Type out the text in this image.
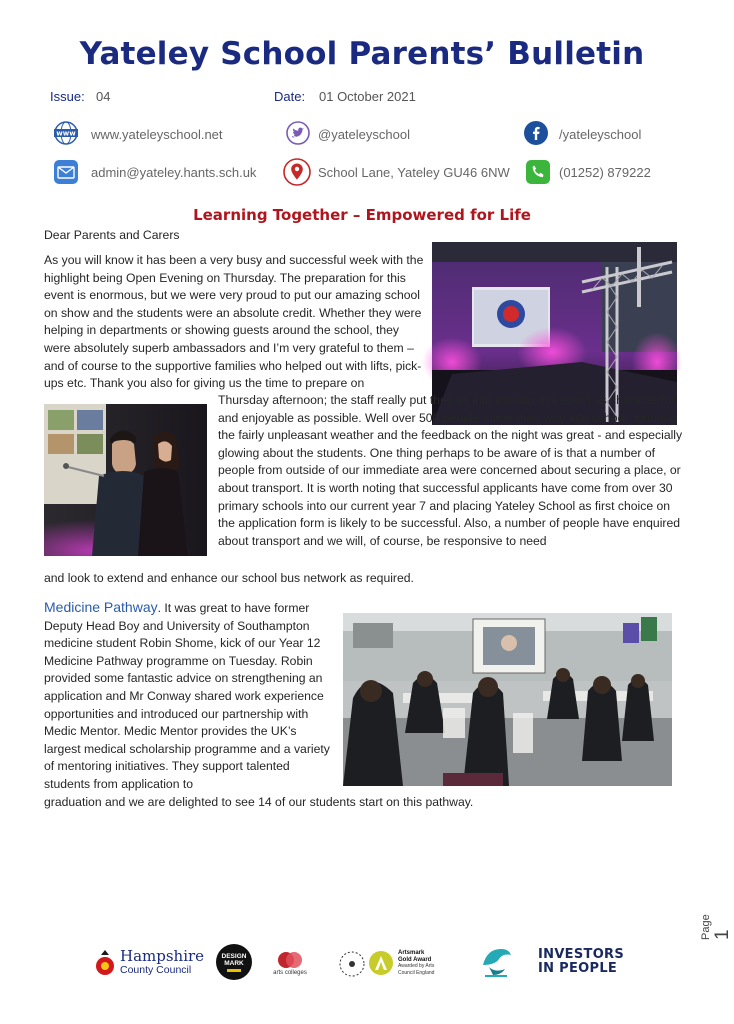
Yateley School Parents’ Bulletin
Issue: 04	Date: 01 October 2021
www www.yateleyschool.net	@yateleyschool	/yateleyschool
admin@yateley.hants.sch.uk	School Lane, Yateley GU46 6NW	(01252) 879222
Learning Together – Empowered for Life
Dear Parents and Carers

As you will know it has been a very busy and successful week with the highlight being Open Evening on Thursday. The preparation for this event is enormous, but we were very proud to put our amazing school on show and the students were an absolute credit. Whether they were helping in departments or showing guests around the school, they were absolutely superb ambassadors and I’m very grateful to them – and of course to the supportive families who helped out with lifts, pick-ups etc. Thank you also for giving us the time to prepare on

Thursday afternoon; the staff really put their all into making this event as characterful and enjoyable as possible. Well over 500 people made their way into school, ignoring the fairly unpleasant weather and the feedback on the night was great - and especially glowing about the students. One thing perhaps to be aware of is that a number of people from outside of our immediate area were concerned about securing a place, or about transport. It is worth noting that successful applicants have come from over 30 primary schools into our current year 7 and placing Yateley School as first choice on the application form is likely to be successful. Also, a number of people have enquired about transport and we will, of course, be responsive to need

and look to extend and enhance our school bus network as required.

Medicine Pathway. It was great to have former Deputy Head Boy and University of Southampton medicine student Robin Shome, kick of our Year 12 Medicine Pathway programme on Tuesday. Robin provided some fantastic advice on strengthening an application and Mr Conway shared work experience opportunities and introduced our partnership with Medic Mentor. Medic Mentor provides the UK’s largest medical scholarship programme and a variety of mentoring initiatives. They support talented students from application to

graduation and we are delighted to see 14 of our students start on this pathway.

Page 1
Hampshire
County Council
DESIGN
MARK
arts colleges
Artsmark
Gold Award
Awarded by Arts
Council England
INVESTORS
IN PEOPLE
